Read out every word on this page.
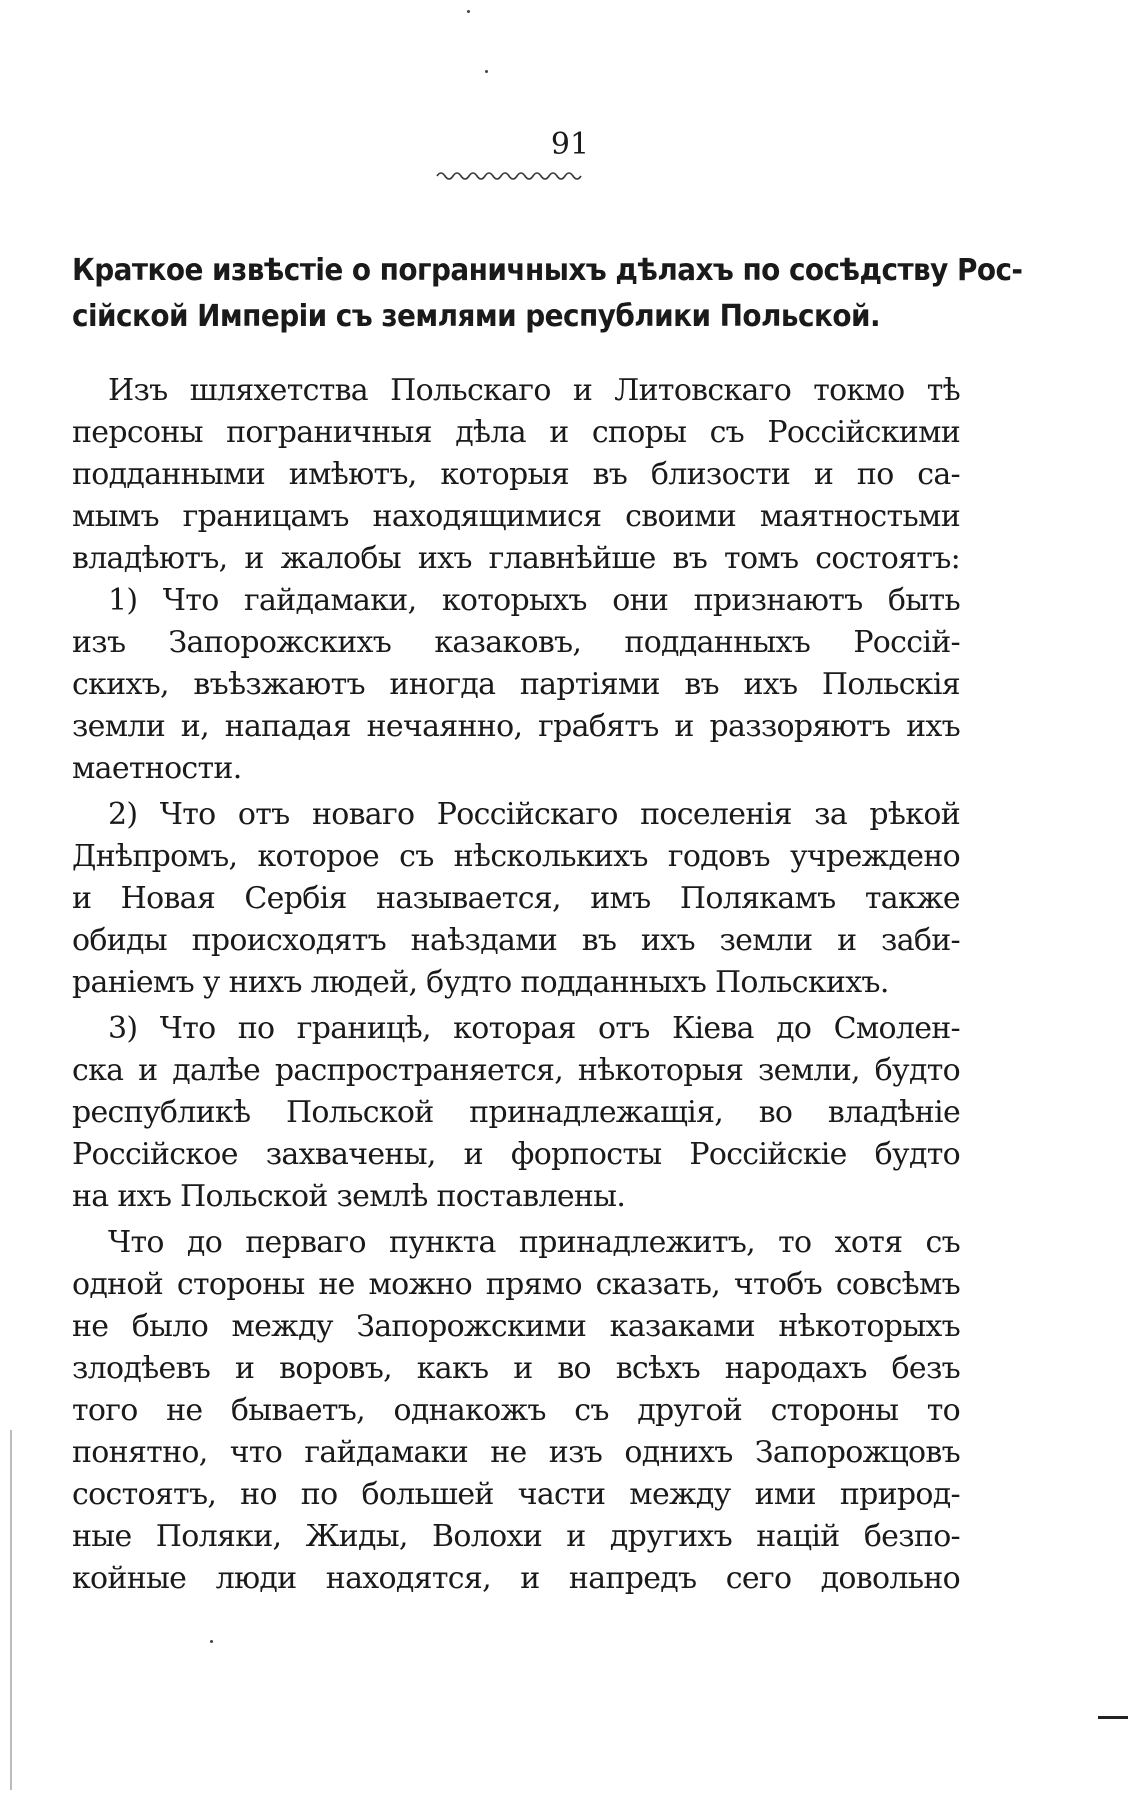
91
Краткое извѣстіе о пограничныхъ дѣлахъ по сосѣдству Рос-
сійской Имперіи съ землями республики Польской.
Изъ шляхетства Польскаго и Литовскаго токмо тѣ
персоны пограничныя дѣла и споры съ Россійскими
подданными имѣютъ, которыя въ близости и по са-
мымъ границамъ находящимися своими маятностьми
владѣютъ, и жалобы ихъ главнѣйше въ томъ состоятъ:
1) Что гайдамаки, которыхъ они признаютъ быть
изъ Запорожскихъ казаковъ, подданныхъ Россій-
скихъ, въѣзжаютъ иногда партіями въ ихъ Польскія
земли и, нападая нечаянно, грабятъ и раззоряютъ ихъ
маетности.
2) Что отъ новаго Россійскаго поселенія за рѣкой
Днѣпромъ, которое съ нѣсколькихъ годовъ учреждено
и Новая Сербія называется, имъ Полякамъ также
обиды происходятъ наѣздами въ ихъ земли и заби-
раніемъ у нихъ людей, будто подданныхъ Польскихъ.
3) Что по границѣ, которая отъ Кіева до Смолен-
ска и далѣе распространяется, нѣкоторыя земли, будто
республикѣ Польской принадлежащія, во владѣніе
Россійское захвачены, и форпосты Россійскіе будто
на ихъ Польской землѣ поставлены.
Что до перваго пункта принадлежитъ, то хотя съ
одной стороны не можно прямо сказать, чтобъ совсѣмъ
не было между Запорожскими казаками нѣкоторыхъ
злодѣевъ и воровъ, какъ и во всѣхъ народахъ безъ
того не бываетъ, однакожъ съ другой стороны то
понятно, что гайдамаки не изъ однихъ Запорожцовъ
состоятъ, но по большей части между ими природ-
ные Поляки, Жиды, Волохи и другихъ націй безпо-
койные люди находятся, и напредъ сего довольно
